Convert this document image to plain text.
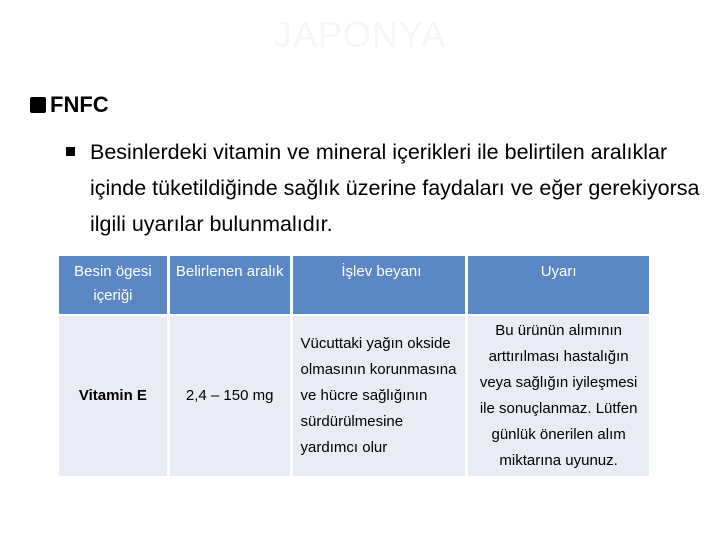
JAPONYA
FNFC
Besinlerdeki vitamin ve mineral içerikleri ile belirtilen aralıklar içinde tüketildiğinde sağlık üzerine faydaları ve eğer gerekiyorsa ilgili uyarılar bulunmalıdır.
Besin ögesi içeriği	Belirlenen aralık	İşlev beyanı	Uyarı
Vitamin E	2,4 – 150 mg	Vücuttaki yağın okside olmasının korunmasına ve hücre sağlığının sürdürülmesine yardımcı olur	Bu ürünün alımının arttırılması hastalığın veya sağlığın iyileşmesi ile sonuçlanmaz. Lütfen günlük önerilen alım miktarına uyunuz.
